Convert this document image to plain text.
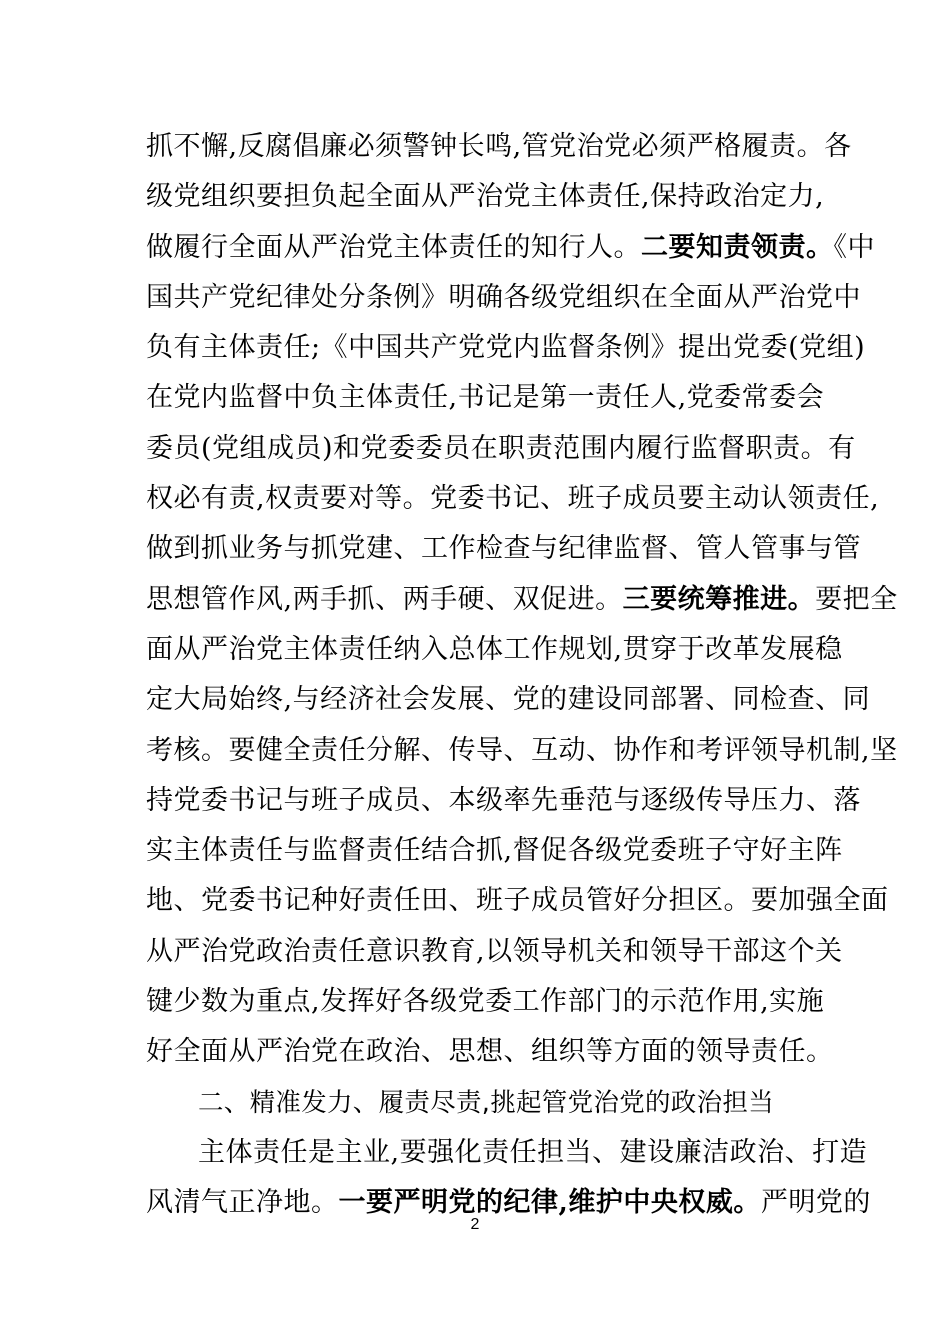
抓不懈,反腐倡廉必须警钟长鸣,管党治党必须严格履责。各
级党组织要担负起全面从严治党主体责任,保持政治定力,
做履行全面从严治党主体责任的知行人。二要知责领责。《中
国共产党纪律处分条例》明确各级党组织在全面从严治党中
负有主体责任;《中国共产党党内监督条例》提出党委(党组)
在党内监督中负主体责任,书记是第一责任人,党委常委会
委员(党组成员)和党委委员在职责范围内履行监督职责。有
权必有责,权责要对等。党委书记、班子成员要主动认领责任,
做到抓业务与抓党建、工作检查与纪律监督、管人管事与管
思想管作风,两手抓、两手硬、双促进。三要统筹推进。要把全
面从严治党主体责任纳入总体工作规划,贯穿于改革发展稳
定大局始终,与经济社会发展、党的建设同部署、同检查、同
考核。要健全责任分解、传导、互动、协作和考评领导机制,坚
持党委书记与班子成员、本级率先垂范与逐级传导压力、落
实主体责任与监督责任结合抓,督促各级党委班子守好主阵
地、党委书记种好责任田、班子成员管好分担区。要加强全面
从严治党政治责任意识教育,以领导机关和领导干部这个关
键少数为重点,发挥好各级党委工作部门的示范作用,实施
好全面从严治党在政治、思想、组织等方面的领导责任。
二、精准发力、履责尽责,挑起管党治党的政治担当
主体责任是主业,要强化责任担当、建设廉洁政治、打造
风清气正净地。一要严明党的纪律,维护中央权威。严明党的
2
